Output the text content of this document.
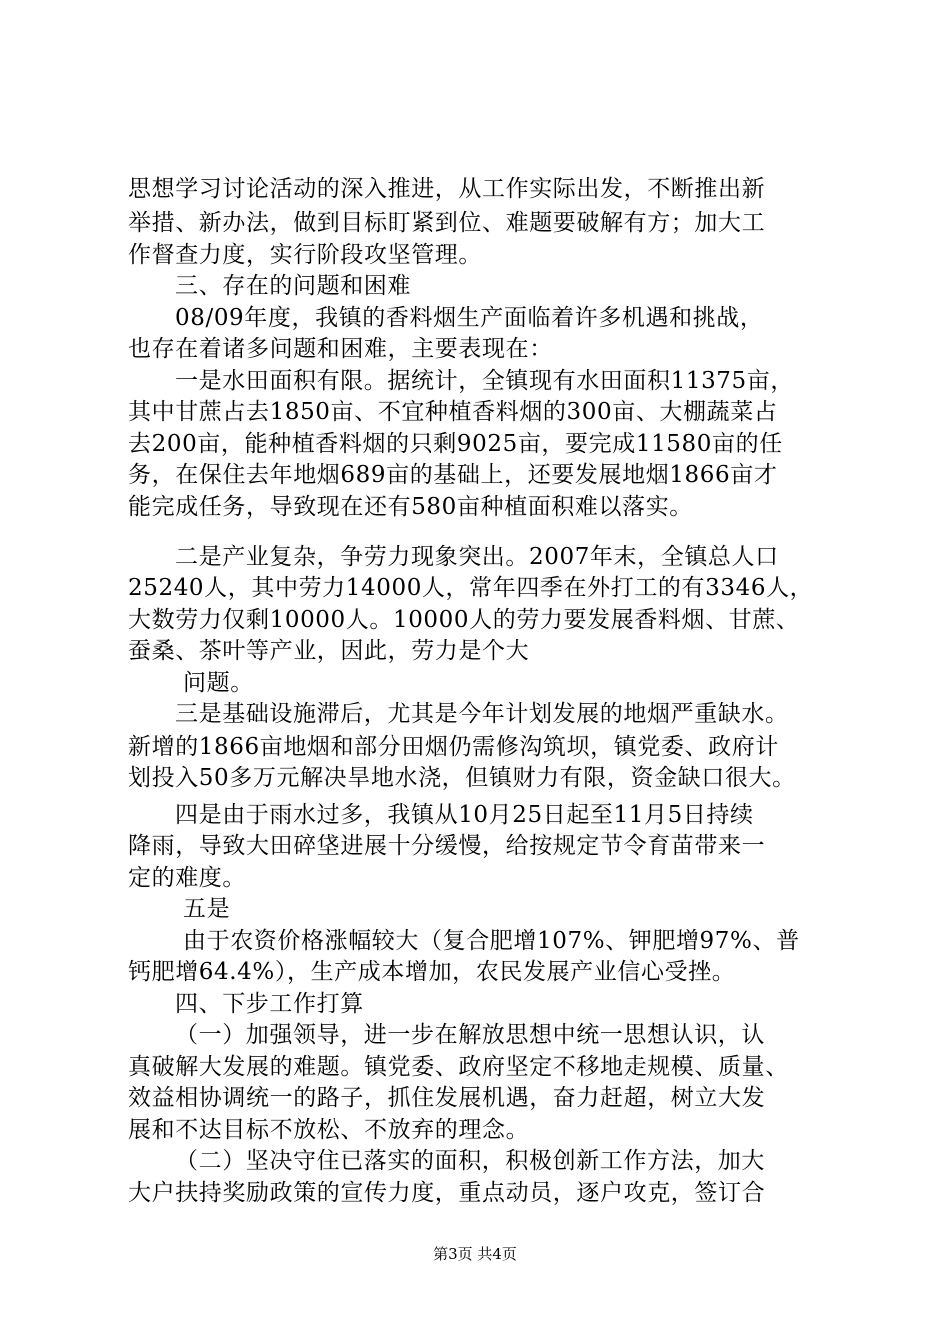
思想学习讨论活动的深入推进，从工作实际出发，不断推出新
举措、新办法，做到目标盯紧到位、难题要破解有方；加大工
作督查力度，实行阶段攻坚管理。
三、存在的问题和困难
08/09年度，我镇的香料烟生产面临着许多机遇和挑战，
也存在着诸多问题和困难，主要表现在：
一是水田面积有限。据统计，全镇现有水田面积11375亩，
其中甘蔗占去1850亩、不宜种植香料烟的300亩、大棚蔬菜占
去200亩，能种植香料烟的只剩9025亩，要完成11580亩的任
务，在保住去年地烟689亩的基础上，还要发展地烟1866亩才
能完成任务，导致现在还有580亩种植面积难以落实。
二是产业复杂，争劳力现象突出。2007年末，全镇总人口
25240人，其中劳力14000人，常年四季在外打工的有3346人，
大数劳力仅剩10000人。10000人的劳力要发展香料烟、甘蔗、
蚕桑、茶叶等产业，因此，劳力是个大
问题。
三是基础设施滞后，尤其是今年计划发展的地烟严重缺水。
新增的1866亩地烟和部分田烟仍需修沟筑坝，镇党委、政府计
划投入50多万元解决旱地水浇，但镇财力有限，资金缺口很大。
四是由于雨水过多，我镇从10月25日起至11月5日持续
降雨，导致大田碎垡进展十分缓慢，给按规定节令育苗带来一
定的难度。
五是
由于农资价格涨幅较大（复合肥增107%、钾肥增97%、普
钙肥增64.4%），生产成本增加，农民发展产业信心受挫。
四、下步工作打算
（一）加强领导，进一步在解放思想中统一思想认识，认
真破解大发展的难题。镇党委、政府坚定不移地走规模、质量、
效益相协调统一的路子，抓住发展机遇，奋力赶超，树立大发
展和不达目标不放松、不放弃的理念。
（二）坚决守住已落实的面积，积极创新工作方法，加大
大户扶持奖励政策的宣传力度，重点动员，逐户攻克，签订合
第3页 共4页
